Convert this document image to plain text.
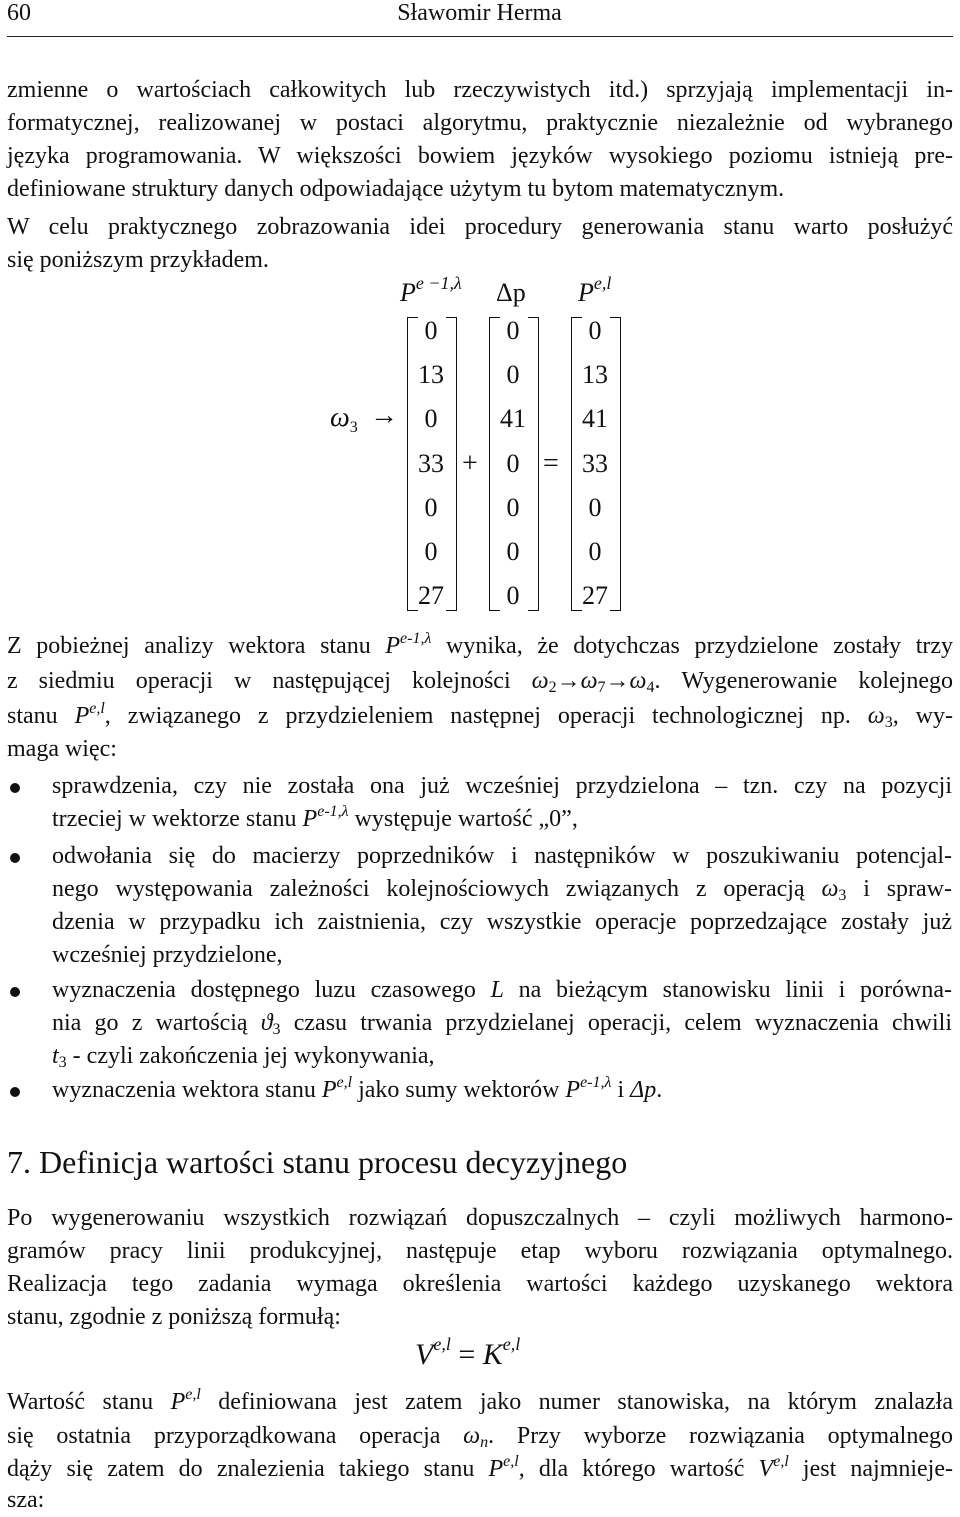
60	Sławomir Herma

zmienne o wartościach całkowitych lub rzeczywistych itd.) sprzyjają implementacji in-

formatycznej, realizowanej w postaci algorytmu, praktycznie niezależnie od wybranego

języka programowania. W większości bowiem języków wysokiego poziomu istnieją pre-

definiowane struktury danych odpowiadające użytym tu bytom matematycznym.

W celu praktycznego zobrazowania idei procedury generowania stanu warto posłużyć

się poniższym przykładem.

$P^{e -1,\lambda}$ Δp P$^{e,l}$
0
13
0
33
0
0
27
0
0
41
0
0
0
0
0
13
41
33
0
0
27
$\omega_3$ →
+ =

Z pobieżnej analizy wektora stanu $P^{e-1,\lambda}$ wynika, że dotychczas przydzielone zostały trzy

z siedmiu operacji w następującej kolejności $\omega_2\to\omega_7\to\omega_4$. Wygenerowanie kolejnego

stanu P$^{e,l}$, związanego z przydzieleniem następnej operacji technologicznej np. $\omega_3$, wy-

maga więc:

sprawdzenia, czy nie została ona już wcześniej przydzielona – tzn. czy na pozycji

trzeciej w wektorze stanu $P^{e-1,\lambda}$ występuje wartość „0”,

odwołania się do macierzy poprzedników i następników w poszukiwaniu potencjal-

nego występowania zależności kolejnościowych związanych z operacją $\omega_3$ i spraw-

dzenia w przypadku ich zaistnienia, czy wszystkie operacje poprzedzające zostały już

wcześniej przydzielone,

wyznaczenia dostępnego luzu czasowego L na bieżącym stanowisku linii i porówna-

nia go z wartością $ϑ_3$ czasu trwania przydzielanej operacji, celem wyznaczenia chwili

$t_3$ - czyli zakończenia jej wykonywania,

wyznaczenia wektora stanu P$^{e,l}$ jako sumy wektorów $P^{e-1,\lambda}$ i Δp.

7. Definicja wartości stanu procesu decyzyjnego

Po wygenerowaniu wszystkich rozwiązań dopuszczalnych – czyli możliwych harmono-

gramów pracy linii produkcyjnej, następuje etap wyboru rozwiązania optymalnego.

Realizacja tego zadania wymaga określenia wartości każdego uzyskanego wektora

stanu, zgodnie z poniższą formułą:

V$^{e,l}$ = K$^{e,l}$

Wartość stanu P$^{e,l}$ definiowana jest zatem jako numer stanowiska, na którym znalazła

się ostatnia przyporządkowana operacja $\omega_n$. Przy wyborze rozwiązania optymalnego

dąży się zatem do znalezienia takiego stanu P$^{e,l}$, dla którego wartość V$^{e,l}$ jest najmnieje-

sza:
